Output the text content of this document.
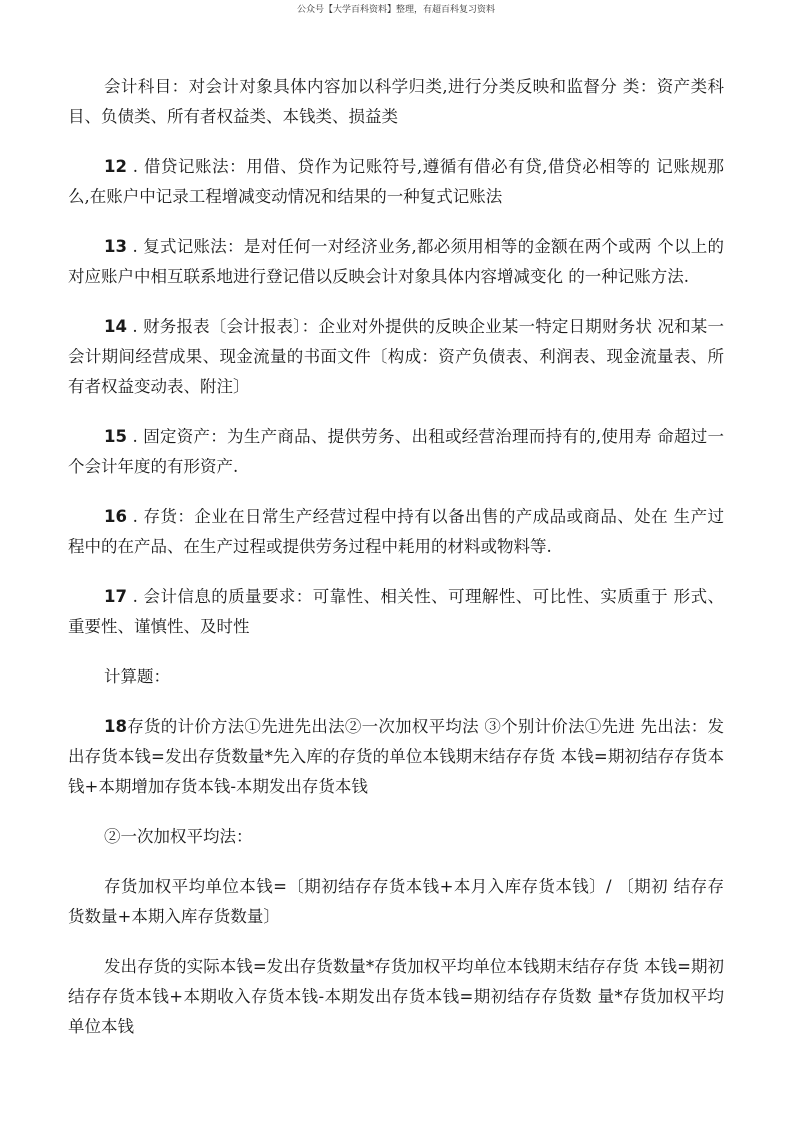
公众号【大学百科资料】整理，有超百科复习资料

会计科目：对会计对象具体内容加以科学归类,进行分类反映和监督分 类：资产类科目、负债类、所有者权益类、本钱类、损益类

12 . 借贷记账法：用借、贷作为记账符号,遵循有借必有贷,借贷必相等的 记账规那么,在账户中记录工程增减变动情况和结果的一种复式记账法

13 . 复式记账法：是对任何一对经济业务,都必须用相等的金额在两个或两 个以上的对应账户中相互联系地进行登记借以反映会计对象具体内容增减变化 的一种记账方法.

14 . 财务报表〔会计报表〕：企业对外提供的反映企业某一特定日期财务状 况和某一会计期间经营成果、现金流量的书面文件〔构成：资产负债表、利润表、现金流量表、所有者权益变动表、附注〕

15 . 固定资产：为生产商品、提供劳务、出租或经营治理而持有的,使用寿 命超过一个会计年度的有形资产.

16 . 存货：企业在日常生产经营过程中持有以备出售的产成品或商品、处在 生产过程中的在产品、在生产过程或提供劳务过程中耗用的材料或物料等.

17 . 会计信息的质量要求：可靠性、相关性、可理解性、可比性、实质重于 形式、重要性、谨慎性、及时性

计算题：

18存货的计价方法①先进先出法②一次加权平均法 ③个别计价法①先进 先出法：发出存货本钱=发出存货数量*先入库的存货的单位本钱期末结存存货 本钱=期初结存存货本钱+本期增加存货本钱-本期发出存货本钱

②一次加权平均法：

存货加权平均单位本钱=〔期初结存存货本钱+本月入库存货本钱〕/ 〔期初 结存存货数量+本期入库存货数量〕

发出存货的实际本钱=发出存货数量*存货加权平均单位本钱期末结存存货 本钱=期初结存存货本钱+本期收入存货本钱-本期发出存货本钱=期初结存存货数 量*存货加权平均单位本钱
